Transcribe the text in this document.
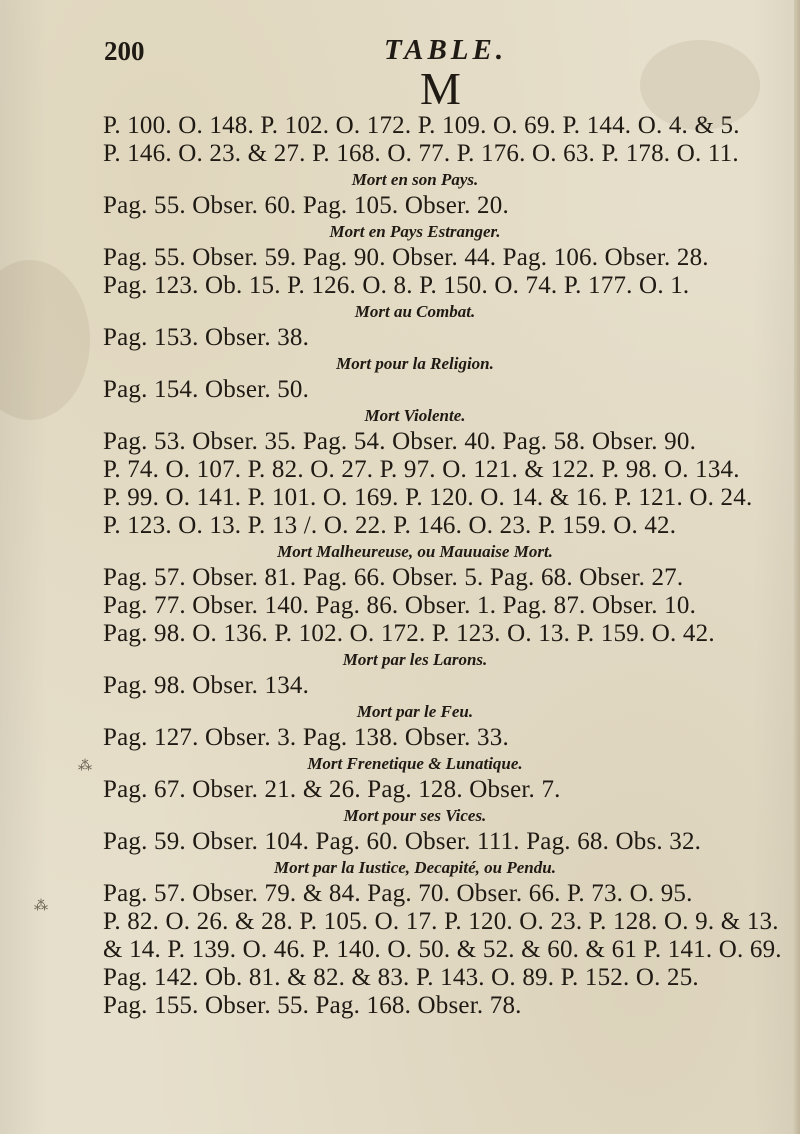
200	TABLE.
M
P. 100. O. 148. P. 102. O. 172. P. 109. O. 69. P. 144. O. 4. & 5.
P. 146. O. 23. & 27. P. 168. O. 77. P. 176. O. 63. P. 178. O. 11.
Mort en son Pays.
Pag. 55. Obser. 60. Pag. 105. Obser. 20.
Mort en Pays Estranger.
Pag. 55. Obser. 59. Pag. 90. Obser. 44. Pag. 106. Obser. 28.
Pag. 123. Ob. 15. P. 126. O. 8. P. 150. O. 74. P. 177. O. 1.
Mort au Combat.
Pag. 153. Obser. 38.
Mort pour la Religion.
Pag. 154. Obser. 50.
Mort Violente.
Pag. 53. Obser. 35. Pag. 54. Obser. 40. Pag. 58. Obser. 90.
P. 74. O. 107. P. 82. O. 27. P. 97. O. 121. & 122. P. 98. O. 134.
P. 99. O. 141. P. 101. O. 169. P. 120. O. 14. & 16. P. 121. O. 24.
P. 123. O. 13. P. 13 /. O. 22. P. 146. O. 23. P. 159. O. 42.
Mort Malheureuse, ou Mauuaise Mort.
Pag. 57. Obser. 81. Pag. 66. Obser. 5. Pag. 68. Obser. 27.
Pag. 77. Obser. 140. Pag. 86. Obser. 1. Pag. 87. Obser. 10.
Pag. 98. O. 136. P. 102. O. 172. P. 123. O. 13. P. 159. O. 42.
Mort par les Larons.
Pag. 98. Obser. 134.
Mort par le Feu.
Pag. 127. Obser. 3. Pag. 138. Obser. 33.
Mort Frenetique & Lunatique.
Pag. 67. Obser. 21. & 26. Pag. 128. Obser. 7.
Mort pour ses Vices.
Pag. 59. Obser. 104. Pag. 60. Obser. 111. Pag. 68. Obs. 32.
Mort par la Iustice, Decapité, ou Pendu.
Pag. 57. Obser. 79. & 84. Pag. 70. Obser. 66. P. 73. O. 95.
P. 82. O. 26. & 28. P. 105. O. 17. P. 120. O. 23. P. 128. O. 9. & 13.
& 14. P. 139. O. 46. P. 140. O. 50. & 52. & 60. & 61 P. 141. O. 69.
Pag. 142. Ob. 81. & 82. & 83. P. 143. O. 89. P. 152. O. 25.
Pag. 155. Obser. 55. Pag. 168. Obser. 78.
⁂
⁂
